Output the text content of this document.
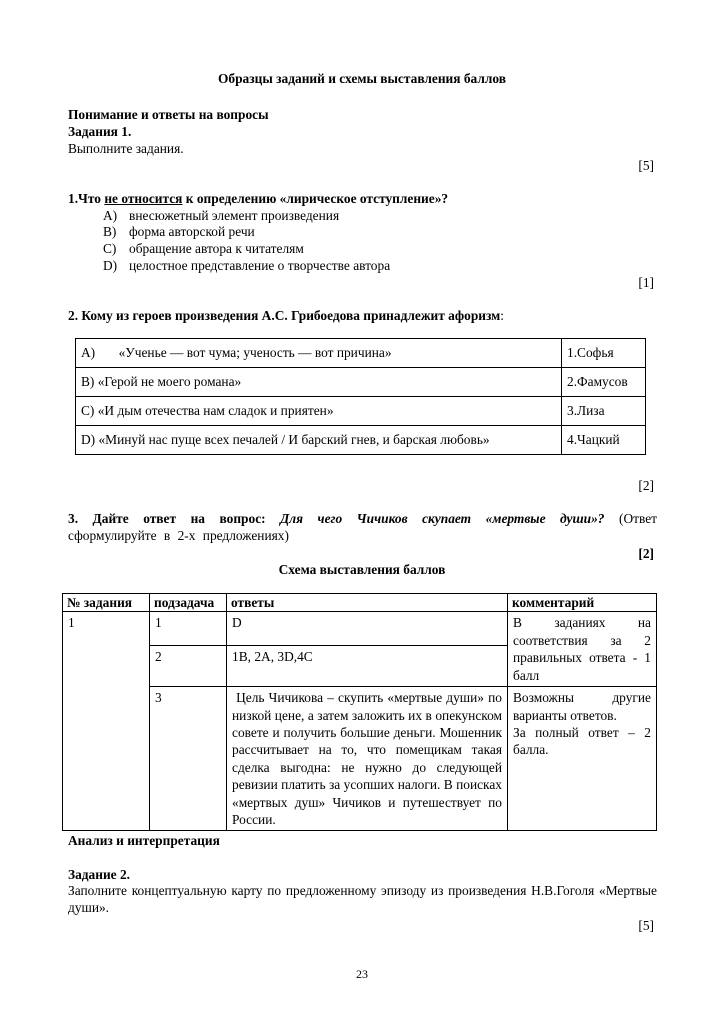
Образцы заданий и схемы выставления баллов
Понимание и ответы на вопросы
Задания 1.
Выполните задания.
[5]
1.Что не относится к определению «лирическое отступление»?
A) внесюжетный элемент произведения
B) форма авторской речи
C) обращение автора к читателям
D) целостное представление о творчестве автора
[1]
2. Кому из героев произведения А.С. Грибоедова принадлежит афоризм:
A)       «Ученье — вот чума; ученость — вот причина»	1.Софья
B) «Герой не моего романа»	2.Фамусов
C) «И дым отечества нам сладок и приятен»	3.Лиза
D) «Минуй нас пуще всех печалей / И барский гнев, и барская любовь»	4.Чацкий
[2]
3. Дайте ответ на вопрос: Для чего Чичиков скупает «мертвые души»? (Ответ сформулируйте в 2-х предложениях)
[2]
Схема выставления баллов
№ задания	подзадача	ответы	комментарий
1	1	D	В заданиях на соответствия за 2 правильных ответа - 1 балл
	2	1B, 2A, 3D,4C	
	3	Цель Чичикова – скупить «мертвые души» по низкой цене, а затем заложить их в опекунском совете и получить большие деньги. Мошенник рассчитывает на то, что помещикам такая сделка выгодна: не нужно до следующей ревизии платить за усопших налоги. В поисках «мертвых душ» Чичиков и путешествует по России.	Возможны другие варианты ответов.
За полный ответ – 2 балла.
Анализ и интерпретация
Задание 2.
Заполните концептуальную карту по предложенному эпизоду из произведения Н.В.Гоголя «Мертвые души».
[5]
23
